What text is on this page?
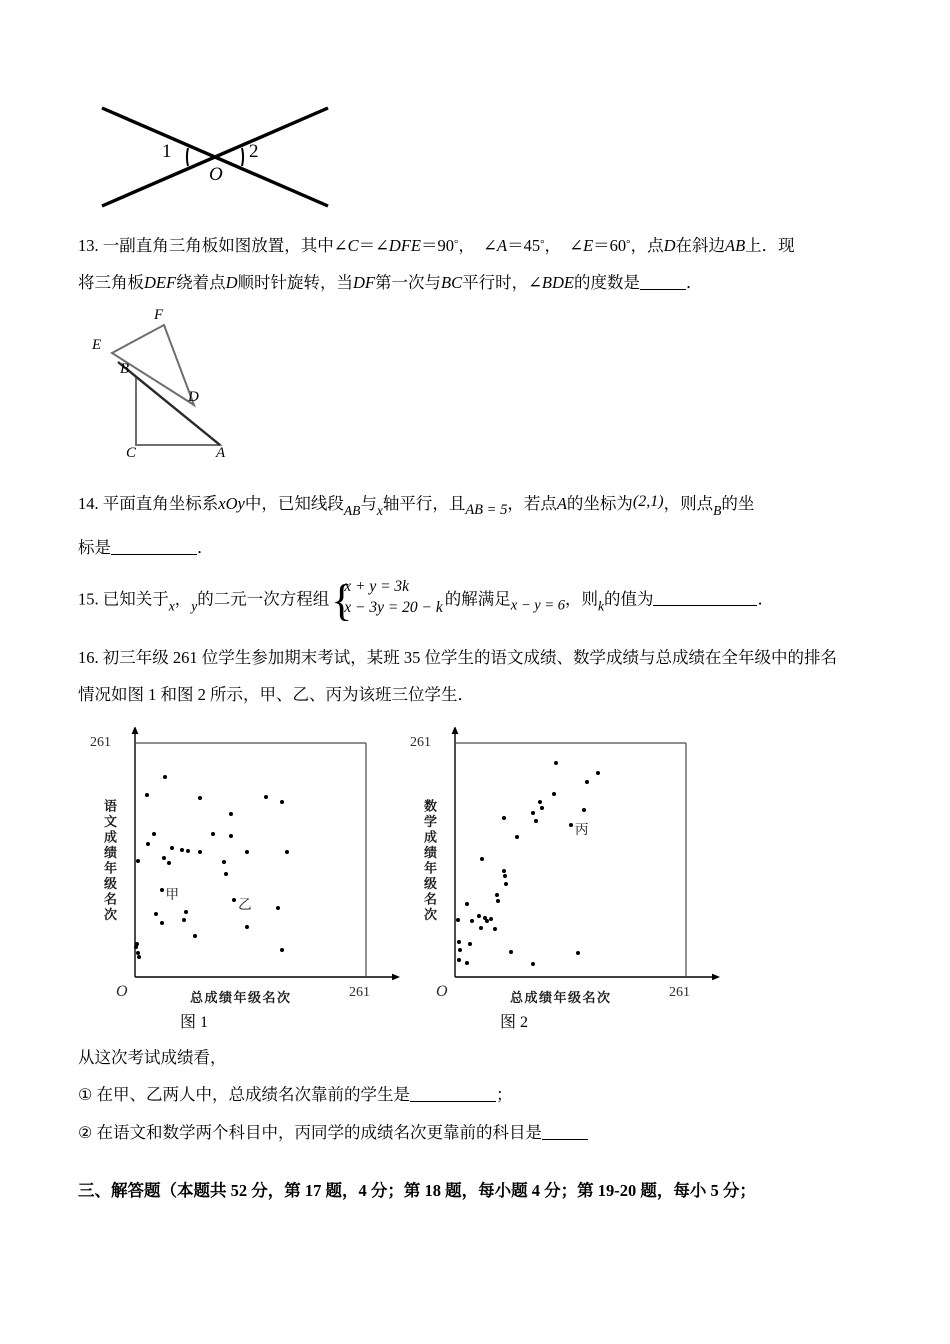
1	2
O
13. 一副直角三角板如图放置，其中∠C＝∠DFE＝90°，　∠A＝45°，　∠E＝60°，点D在斜边AB上．现
将三角板DEF绕着点D顺时针旋转，当DF第一次与BC平行时，∠BDE的度数是	．
E
F
B
D
C	A
14. 平面直角坐标系xOy中，已知线段$_{AB}$与$_x$轴平行，且AB = 5，若点A的坐标为(2,1)，则点$_B$的坐
标是	．
15. 已知关于$_x$，$_y$的二元一次方程组 {
x + y = 3k
x − 3y = 20 − k 的解满足x − y = 6，则$_k$的值为	．
16. 初三年级 261 位学生参加期末考试，某班 35 位学生的语文成绩、数学成绩与总成绩在全年级中的排名
情况如图 1 和图 2 所示，甲、乙、丙为该班三位学生．
语文成绩年级名次
261
O	261
总成绩年级名次
甲
乙
图 1
数学成绩年级名次
261
O	261
总成绩年级名次
丙
图 2
从这次考试成绩看，
① 在甲、乙两人中，总成绩名次靠前的学生是	；
② 在语文和数学两个科目中，丙同学的成绩名次更靠前的科目是
三、解答题（本题共 52 分，第 17 题，4 分；第 18 题，每小题 4 分；第 19-20 题，每小 5 分；
